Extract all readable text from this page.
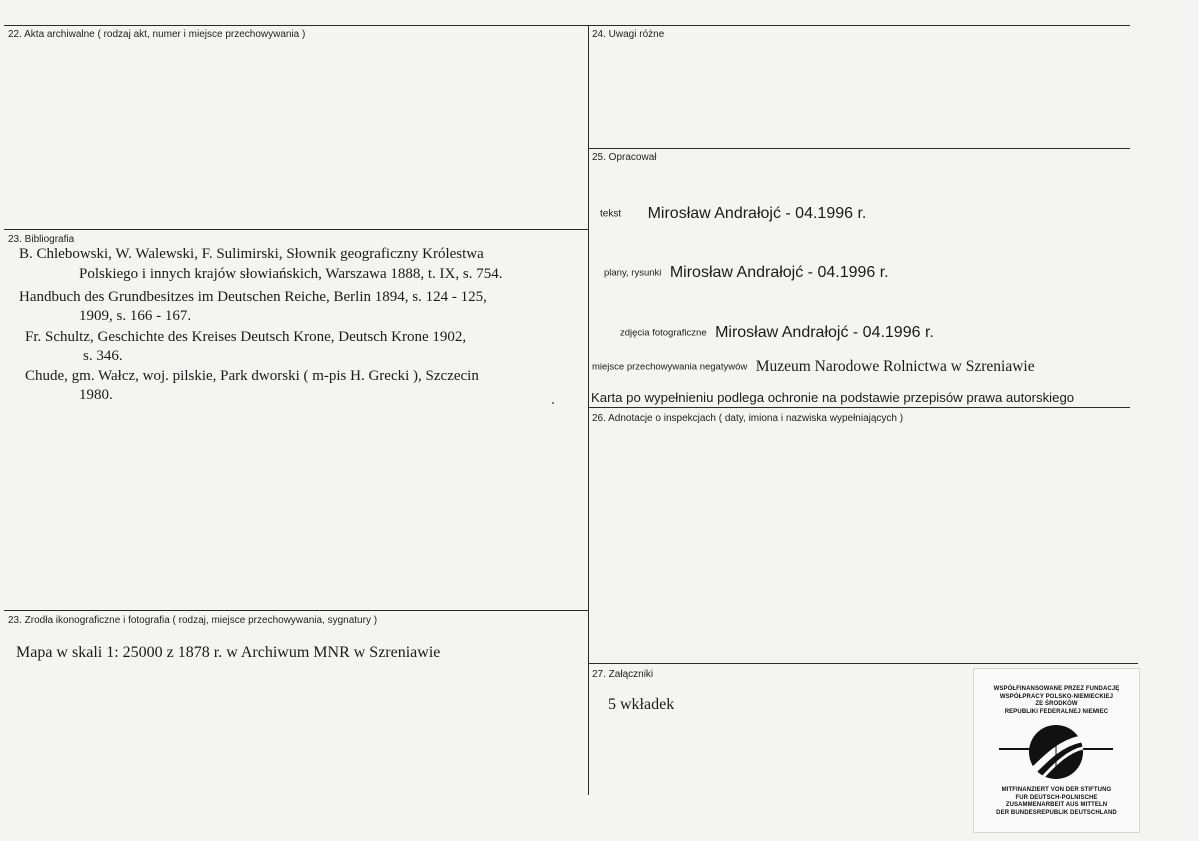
22. Akta archiwalne ( rodzaj akt, numer i miejsce przechowywania )
23. Bibliografia
B. Chlebowski, W. Walewski, F. Sulimirski, Słownik geograficzny Królestwa
Polskiego i innych krajów słowiańskich, Warszawa 1888, t. IX, s. 754.
Handbuch des Grundbesitzes im Deutschen Reiche, Berlin 1894, s. 124 - 125,
1909, s. 166 - 167.
Fr. Schultz, Geschichte des Kreises Deutsch Krone, Deutsch Krone 1902,
s. 346.
Chude, gm. Wałcz, woj. pilskie, Park dworski ( m-pis H. Grecki ), Szczecin
1980.
23. Zrodła ikonograficzne i fotografia ( rodzaj, miejsce przechowywania, sygnatury )
Mapa w skali 1: 25000 z 1878 r. w Archiwum MNR w Szreniawie
24. Uwagi różne
25. Opracował
tekst Mirosław Andrałojć - 04.1996 r.
plany, rysunki Mirosław Andrałojć - 04.1996 r.
zdjęcia fotograficzne Mirosław Andrałojć - 04.1996 r.
miejsce przechowywania negatywów Muzeum Narodowe Rolnictwa w Szreniawie
Karta po wypełnieniu podlega ochronie na podstawie przepisów prawa autorskiego
26. Adnotacje o inspekcjach ( daty, imiona i nazwiska wypełniających )
27. Załączniki
5 wkładek
WSPÓŁFINANSOWANE PRZEZ FUNDACJĘ
WSPÓŁPRACY POLSKO-NIEMIECKIEJ
ZE ŚRODKÓW
REPUBLIKI FEDERALNEJ NIEMIEC
MITFINANZIERT VON DER STIFTUNG
FUR DEUTSCH-POLNISCHE
ZUSAMMENARBEIT AUS MITTELN
DER BUNDESREPUBLIK DEUTSCHLAND
